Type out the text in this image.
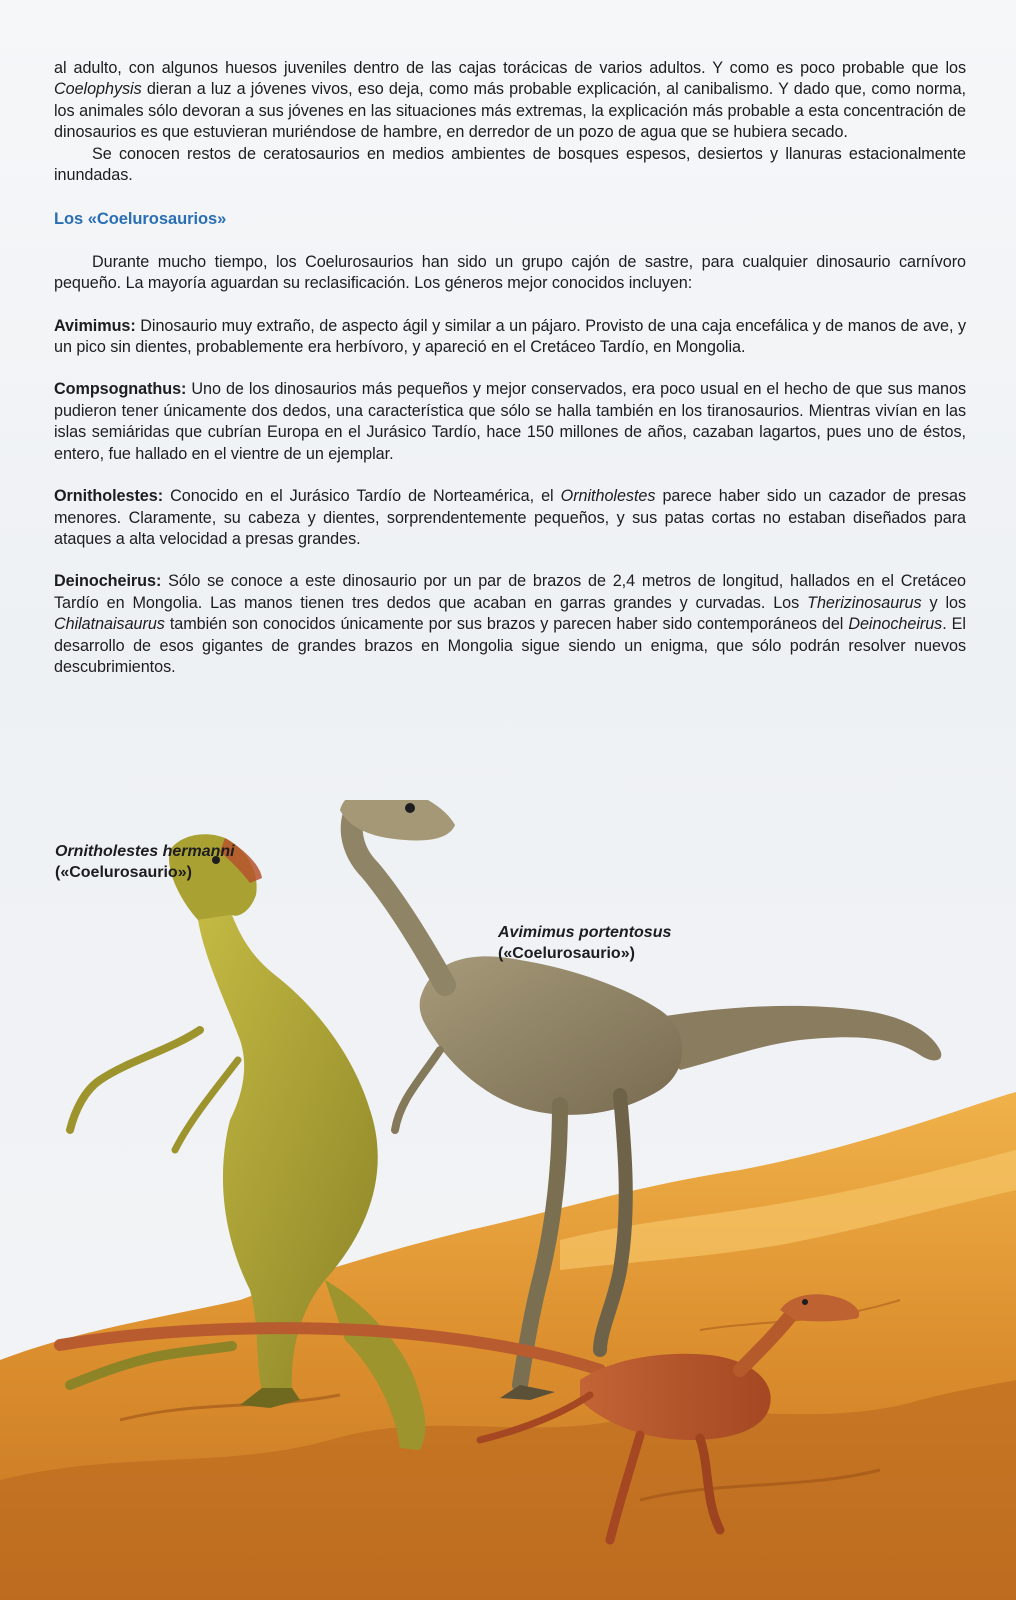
al adulto, con algunos huesos juveniles dentro de las cajas torácicas de varios adultos. Y como es poco probable que los Coelophysis dieran a luz a jóvenes vivos, eso deja, como más probable explicación, al canibalismo. Y dado que, como norma, los animales sólo devoran a sus jóvenes en las situaciones más extremas, la explicación más probable a esta concentración de dinosaurios es que estuvieran muriéndose de hambre, en derredor de un pozo de agua que se hubiera secado.

Se conocen restos de ceratosaurios en medios ambientes de bosques espesos, desiertos y llanuras estacionalmente inundadas.

Los «Coelurosaurios»

Durante mucho tiempo, los Coelurosaurios han sido un grupo cajón de sastre, para cualquier dinosaurio carnívoro pequeño. La mayoría aguardan su reclasificación. Los géneros mejor conocidos incluyen:

Avimimus: Dinosaurio muy extraño, de aspecto ágil y similar a un pájaro. Provisto de una caja encefálica y de manos de ave, y un pico sin dientes, probablemente era herbívoro, y apareció en el Cretáceo Tardío, en Mongolia.

Compsognathus: Uno de los dinosaurios más pequeños y mejor conservados, era poco usual en el hecho de que sus manos pudieron tener únicamente dos dedos, una característica que sólo se halla también en los tiranosaurios. Mientras vivían en las islas semiáridas que cubrían Europa en el Jurásico Tardío, hace 150 millones de años, cazaban lagartos, pues uno de éstos, entero, fue hallado en el vientre de un ejemplar.

Ornitholestes: Conocido en el Jurásico Tardío de Norteamérica, el Ornitholestes parece haber sido un cazador de presas menores. Claramente, su cabeza y dientes, sorprendentemente pequeños, y sus patas cortas no estaban diseñados para ataques a alta velocidad a presas grandes.

Deinocheirus: Sólo se conoce a este dinosaurio por un par de brazos de 2,4 metros de longitud, hallados en el Cretáceo Tardío en Mongolia. Las manos tienen tres dedos que acaban en garras grandes y curvadas. Los Therizinosaurus y los Chilatnaisaurus también son conocidos únicamente por sus brazos y parecen haber sido contemporáneos del Deinocheirus. El desarrollo de esos gigantes de grandes brazos en Mongolia sigue siendo un enigma, que sólo podrán resolver nuevos descubrimientos.

Ornitholestes hermanni
(«Coelurosaurio»)
Avimimus portentosus
(«Coelurosaurio»)
